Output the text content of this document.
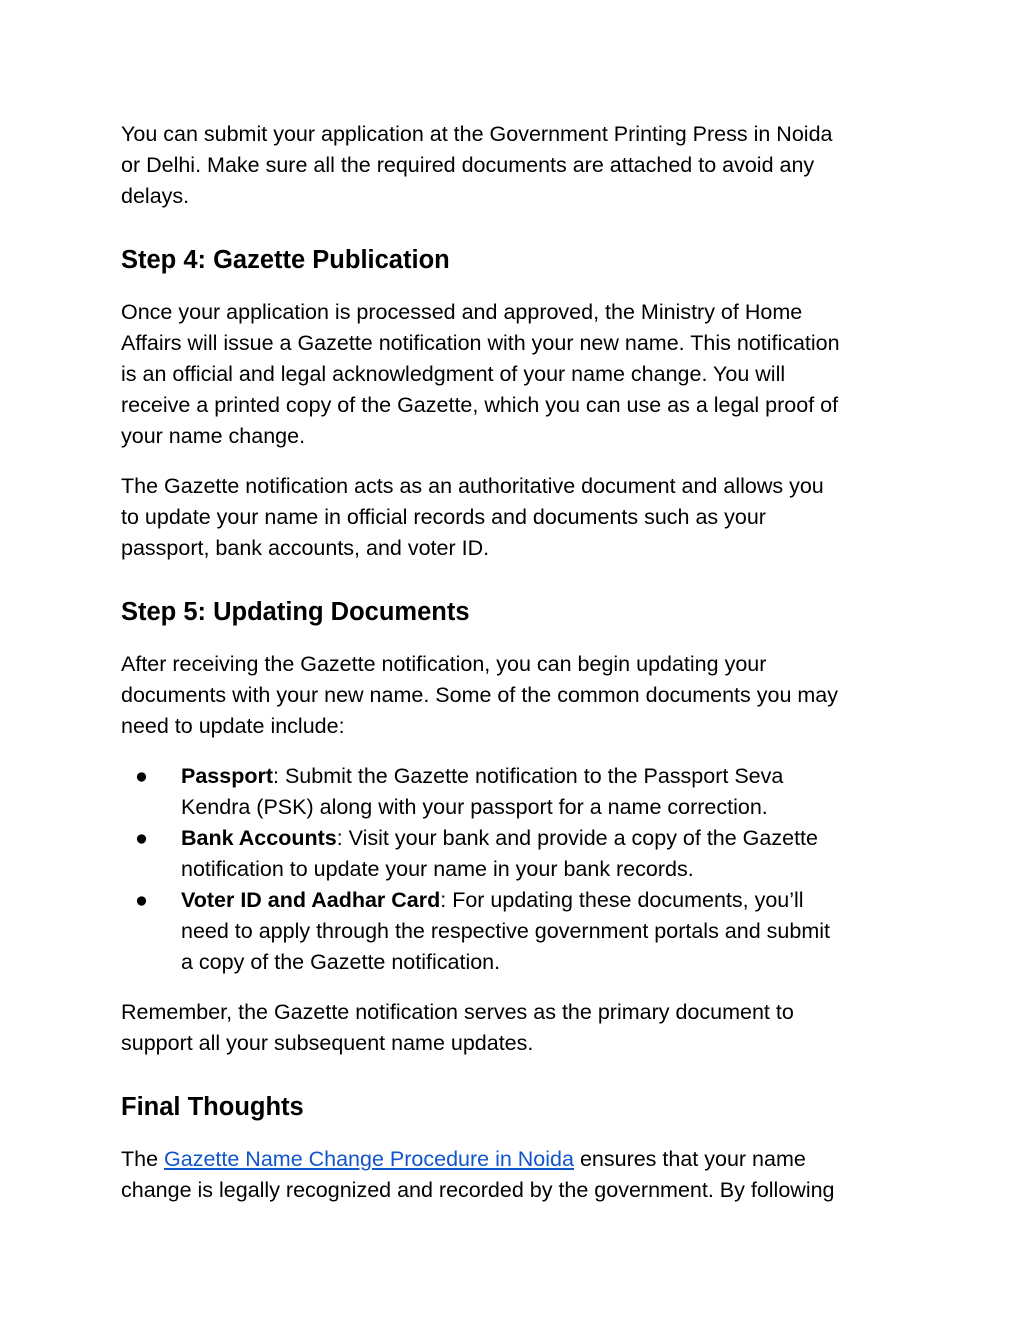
You can submit your application at the Government Printing Press in Noida
or Delhi. Make sure all the required documents are attached to avoid any
delays.

Step 4: Gazette Publication

Once your application is processed and approved, the Ministry of Home
Affairs will issue a Gazette notification with your new name. This notification
is an official and legal acknowledgment of your name change. You will
receive a printed copy of the Gazette, which you can use as a legal proof of
your name change.

The Gazette notification acts as an authoritative document and allows you
to update your name in official records and documents such as your
passport, bank accounts, and voter ID.

Step 5: Updating Documents

After receiving the Gazette notification, you can begin updating your
documents with your new name. Some of the common documents you may
need to update include:

● Passport: Submit the Gazette notification to the Passport Seva
Kendra (PSK) along with your passport for a name correction.
● Bank Accounts: Visit your bank and provide a copy of the Gazette
notification to update your name in your bank records.
● Voter ID and Aadhar Card: For updating these documents, you’ll
need to apply through the respective government portals and submit
a copy of the Gazette notification.

Remember, the Gazette notification serves as the primary document to
support all your subsequent name updates.

Final Thoughts

The Gazette Name Change Procedure in Noida ensures that your name
change is legally recognized and recorded by the government. By following
